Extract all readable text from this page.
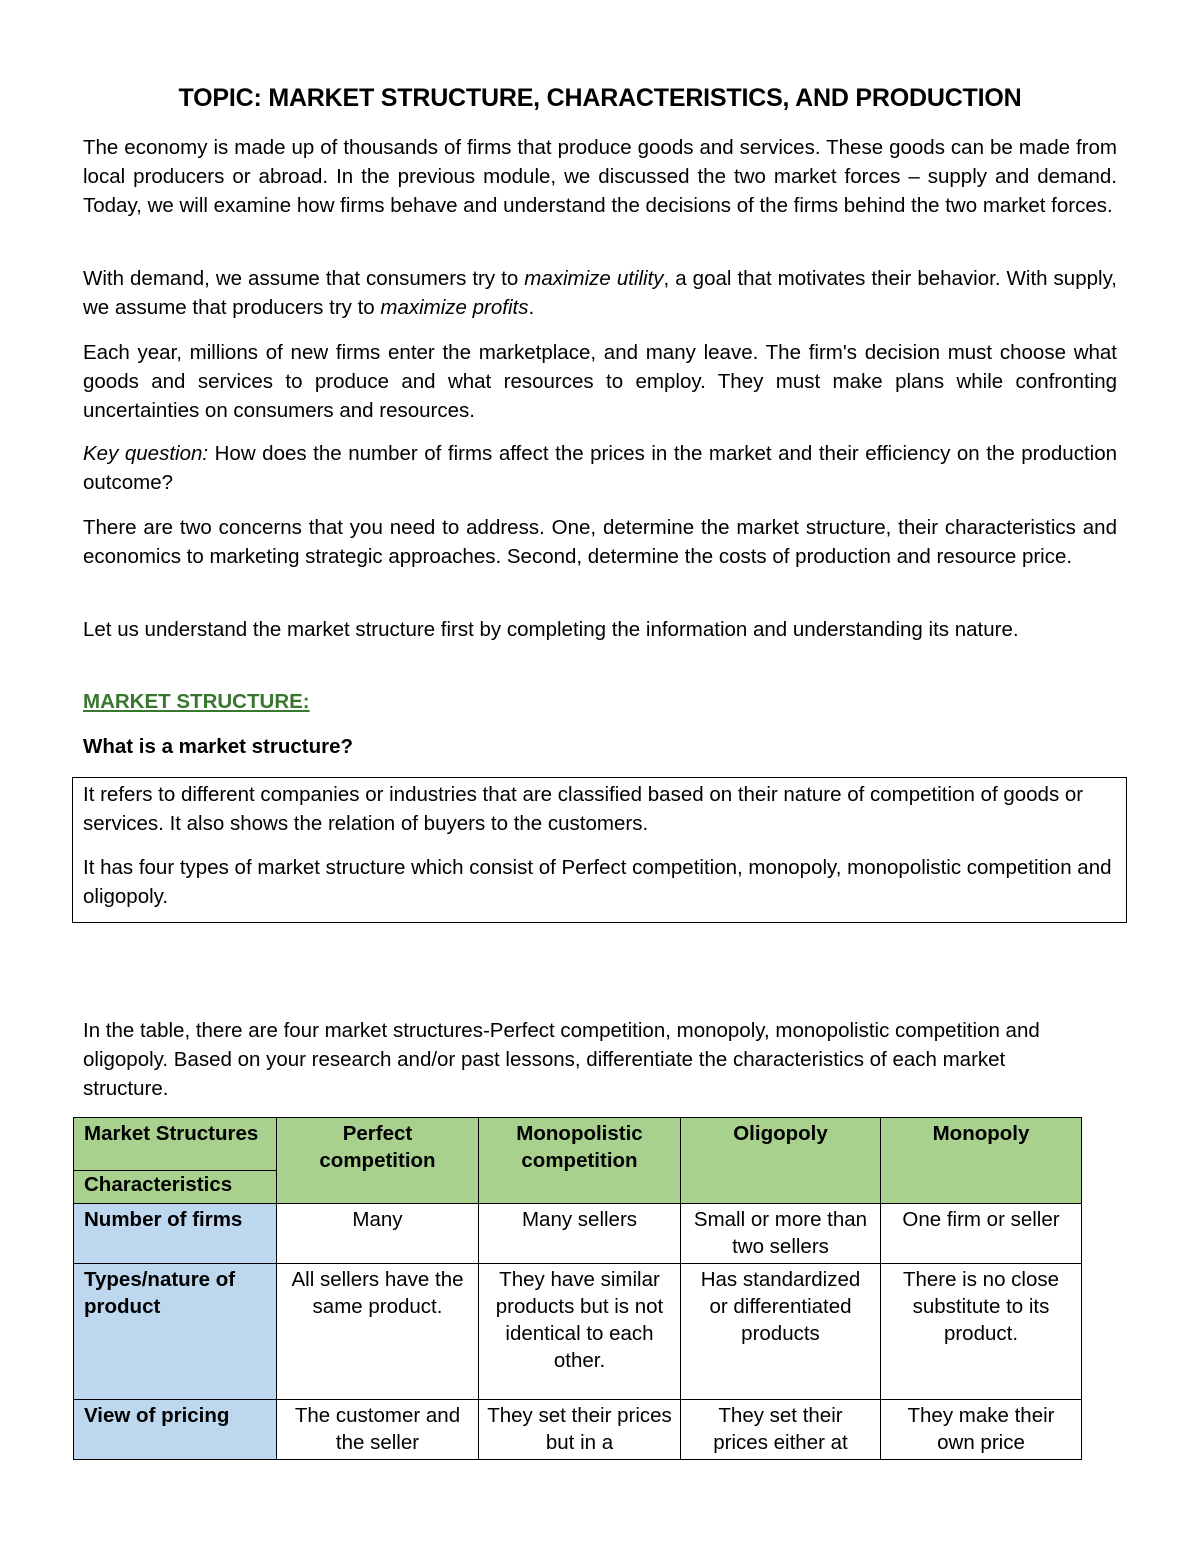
TOPIC: MARKET STRUCTURE, CHARACTERISTICS, AND PRODUCTION

The economy is made up of thousands of firms that produce goods and services. These goods can be made from local producers or abroad. In the previous module, we discussed the two market forces – supply and demand. Today, we will examine how firms behave and understand the decisions of the firms behind the two market forces.

With demand, we assume that consumers try to maximize utility, a goal that motivates their behavior. With supply, we assume that producers try to maximize profits.

Each year, millions of new firms enter the marketplace, and many leave. The firm's decision must choose what goods and services to produce and what resources to employ. They must make plans while confronting uncertainties on consumers and resources.

Key question: How does the number of firms affect the prices in the market and their efficiency on the production outcome?

There are two concerns that you need to address. One, determine the market structure, their characteristics and economics to marketing strategic approaches. Second, determine the costs of production and resource price.

Let us understand the market structure first by completing the information and understanding its nature.

MARKET STRUCTURE:
What is a market structure?

It refers to different companies or industries that are classified based on their nature of competition of goods or services. It also shows the relation of buyers to the customers.

It has four types of market structure which consist of Perfect competition, monopoly, monopolistic competition and oligopoly.

In the table, there are four market structures-Perfect competition, monopoly, monopolistic competition and oligopoly. Based on your research and/or past lessons, differentiate the characteristics of each market structure.
Market Structures
Characteristics	Perfect competition	Monopolistic competition	Oligopoly	Monopoly
Number of firms	Many	Many sellers	Small or more than two sellers	One firm or seller
Types/nature of product	All sellers have the same product.	They have similar products but is not identical to each other.	Has standardized or differentiated products	There is no close substitute to its product.
View of pricing	The customer and the seller	They set their prices but in a	They set their prices either at	They make their own price
